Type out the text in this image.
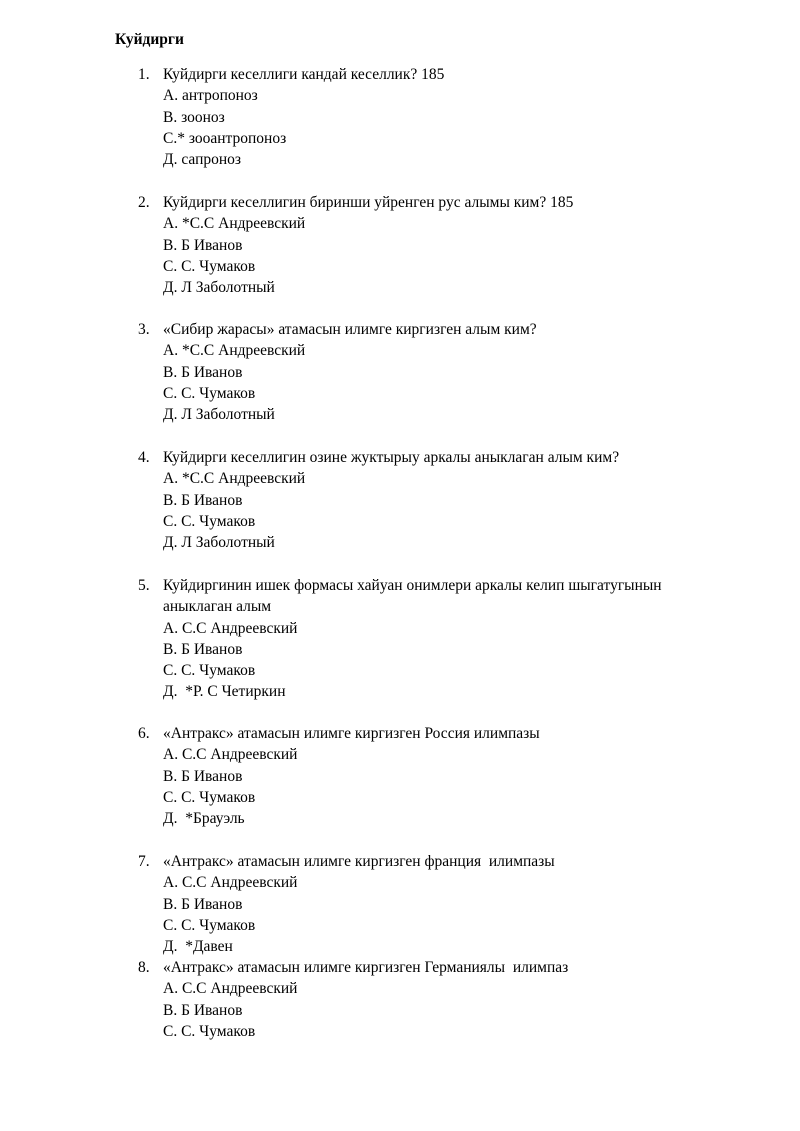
Куйдирги
1. Куйдирги кеселлиги кандай кеселлик? 185
A. антропоноз
B. зооноз
C.* зооантропоноз
Д. сапроноз
2. Куйдирги кеселлигин биринши уйренген рус алымы ким? 185
A. *С.С Андреевский
B. Б Иванов
C. С. Чумаков
Д. Л Заболотный
3. «Сибир жарасы» атамасын илимге киргизген алым ким?
A. *С.С Андреевский
B. Б Иванов
C. С. Чумаков
Д. Л Заболотный
4. Куйдирги кеселлигин озине жуктырыу аркалы аныклаган алым ким?
A. *С.С Андреевский
B. Б Иванов
C. С. Чумаков
Д. Л Заболотный
5. Куйдиргинин ишек формасы хайуан онимлери аркалы келип шыгатугынын аныклаган алым
A. С.С Андреевский
B. Б Иванов
C. С. Чумаков
Д.  *Р. С Четиркин
6. «Антракс» атамасын илимге киргизген Россия илимпазы
A. С.С Андреевский
B. Б Иванов
C. С. Чумаков
Д.  *Брауэль
7. «Антракс» атамасын илимге киргизген франция  илимпазы
A. С.С Андреевский
B. Б Иванов
C. С. Чумаков
Д.  *Давен
8. «Антракс» атамасын илимге киргизген Германиялы  илимпаз
A. С.С Андреевский
B. Б Иванов
C. С. Чумаков
